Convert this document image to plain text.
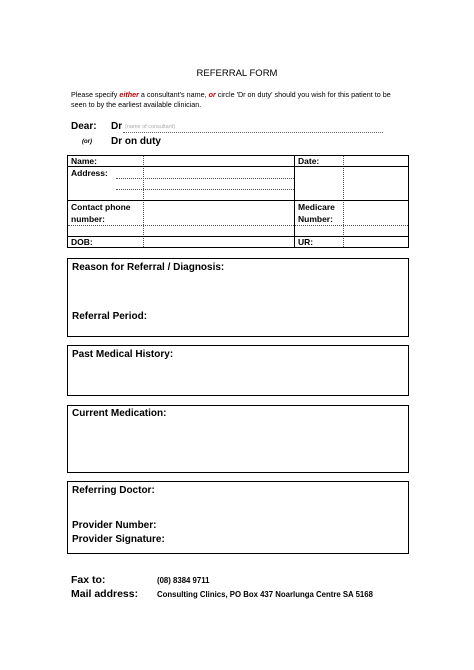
REFERRAL FORM
Please specify either a consultant's name, or circle 'Dr on duty' should you wish for this patient to be seen to by the earliest available clinician.
Dear: Dr (name of consultant)
(or) Dr on duty
Name:
Address:
Contact phone
number:
DOB:
Date:
Medicare
Number:
UR:
Reason for Referral / Diagnosis:
Referral Period:
Past Medical History:
Current Medication:
Referring Doctor:
Provider Number:
Provider Signature:
Fax to:	(08) 8384 9711
Mail address: Consulting Clinics, PO Box 437 Noarlunga Centre SA 5168
